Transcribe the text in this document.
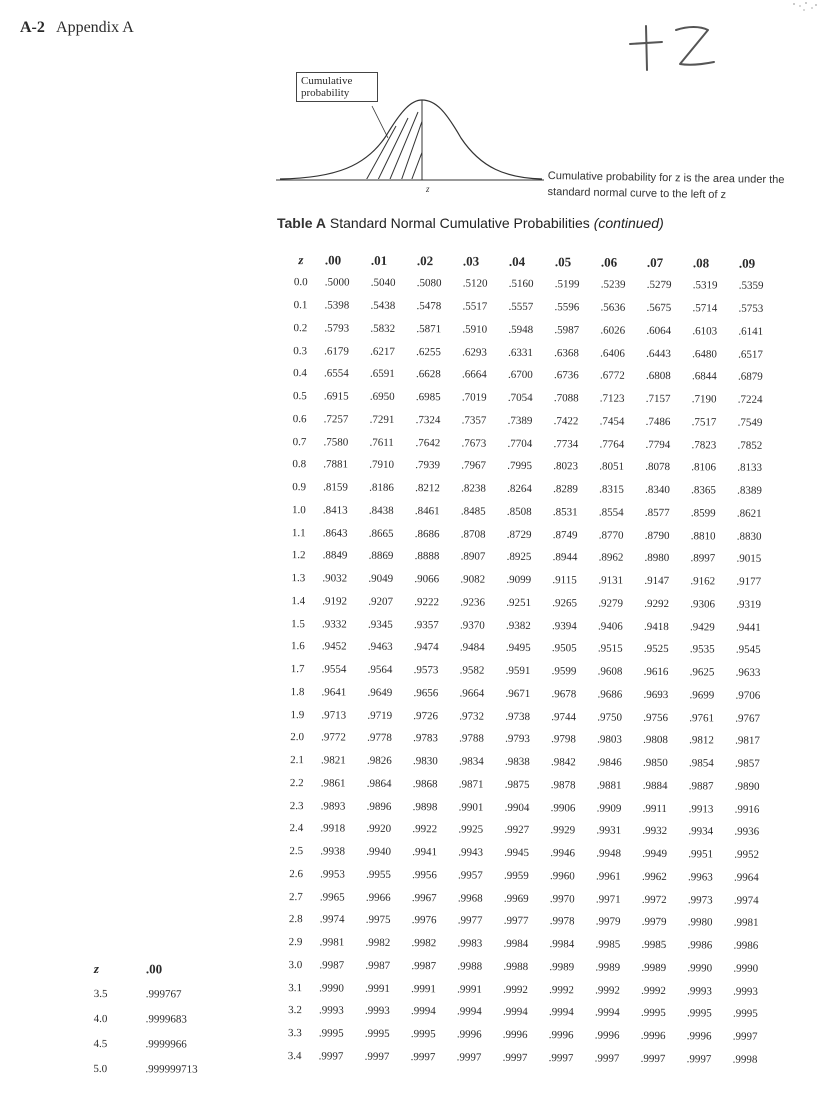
A-2 Appendix A
z
Cumulative probability
Cumulative probability for z is the area under the standard normal curve to the left of z
Table A Standard Normal Cumulative Probabilities (continued)
z	.00	.01	.02	.03	.04	.05	.06	.07	.08	.09
0.0	.5000	.5040	.5080	.5120	.5160	.5199	.5239	.5279	.5319	.5359
0.1	.5398	.5438	.5478	.5517	.5557	.5596	.5636	.5675	.5714	.5753
0.2	.5793	.5832	.5871	.5910	.5948	.5987	.6026	.6064	.6103	.6141
0.3	.6179	.6217	.6255	.6293	.6331	.6368	.6406	.6443	.6480	.6517
0.4	.6554	.6591	.6628	.6664	.6700	.6736	.6772	.6808	.6844	.6879
0.5	.6915	.6950	.6985	.7019	.7054	.7088	.7123	.7157	.7190	.7224
0.6	.7257	.7291	.7324	.7357	.7389	.7422	.7454	.7486	.7517	.7549
0.7	.7580	.7611	.7642	.7673	.7704	.7734	.7764	.7794	.7823	.7852
0.8	.7881	.7910	.7939	.7967	.7995	.8023	.8051	.8078	.8106	.8133
0.9	.8159	.8186	.8212	.8238	.8264	.8289	.8315	.8340	.8365	.8389
1.0	.8413	.8438	.8461	.8485	.8508	.8531	.8554	.8577	.8599	.8621
1.1	.8643	.8665	.8686	.8708	.8729	.8749	.8770	.8790	.8810	.8830
1.2	.8849	.8869	.8888	.8907	.8925	.8944	.8962	.8980	.8997	.9015
1.3	.9032	.9049	.9066	.9082	.9099	.9115	.9131	.9147	.9162	.9177
1.4	.9192	.9207	.9222	.9236	.9251	.9265	.9279	.9292	.9306	.9319
1.5	.9332	.9345	.9357	.9370	.9382	.9394	.9406	.9418	.9429	.9441
1.6	.9452	.9463	.9474	.9484	.9495	.9505	.9515	.9525	.9535	.9545
1.7	.9554	.9564	.9573	.9582	.9591	.9599	.9608	.9616	.9625	.9633
1.8	.9641	.9649	.9656	.9664	.9671	.9678	.9686	.9693	.9699	.9706
1.9	.9713	.9719	.9726	.9732	.9738	.9744	.9750	.9756	.9761	.9767
2.0	.9772	.9778	.9783	.9788	.9793	.9798	.9803	.9808	.9812	.9817
2.1	.9821	.9826	.9830	.9834	.9838	.9842	.9846	.9850	.9854	.9857
2.2	.9861	.9864	.9868	.9871	.9875	.9878	.9881	.9884	.9887	.9890
2.3	.9893	.9896	.9898	.9901	.9904	.9906	.9909	.9911	.9913	.9916
2.4	.9918	.9920	.9922	.9925	.9927	.9929	.9931	.9932	.9934	.9936
2.5	.9938	.9940	.9941	.9943	.9945	.9946	.9948	.9949	.9951	.9952
2.6	.9953	.9955	.9956	.9957	.9959	.9960	.9961	.9962	.9963	.9964
2.7	.9965	.9966	.9967	.9968	.9969	.9970	.9971	.9972	.9973	.9974
2.8	.9974	.9975	.9976	.9977	.9977	.9978	.9979	.9979	.9980	.9981
2.9	.9981	.9982	.9982	.9983	.9984	.9984	.9985	.9985	.9986	.9986
3.0	.9987	.9987	.9987	.9988	.9988	.9989	.9989	.9989	.9990	.9990
3.1	.9990	.9991	.9991	.9991	.9992	.9992	.9992	.9992	.9993	.9993
3.2	.9993	.9993	.9994	.9994	.9994	.9994	.9994	.9995	.9995	.9995
3.3	.9995	.9995	.9995	.9996	.9996	.9996	.9996	.9996	.9996	.9997
3.4	.9997	.9997	.9997	.9997	.9997	.9997	.9997	.9997	.9997	.9998
z	.00
3.5	.999767
4.0	.9999683
4.5	.9999966
5.0	.999999713
